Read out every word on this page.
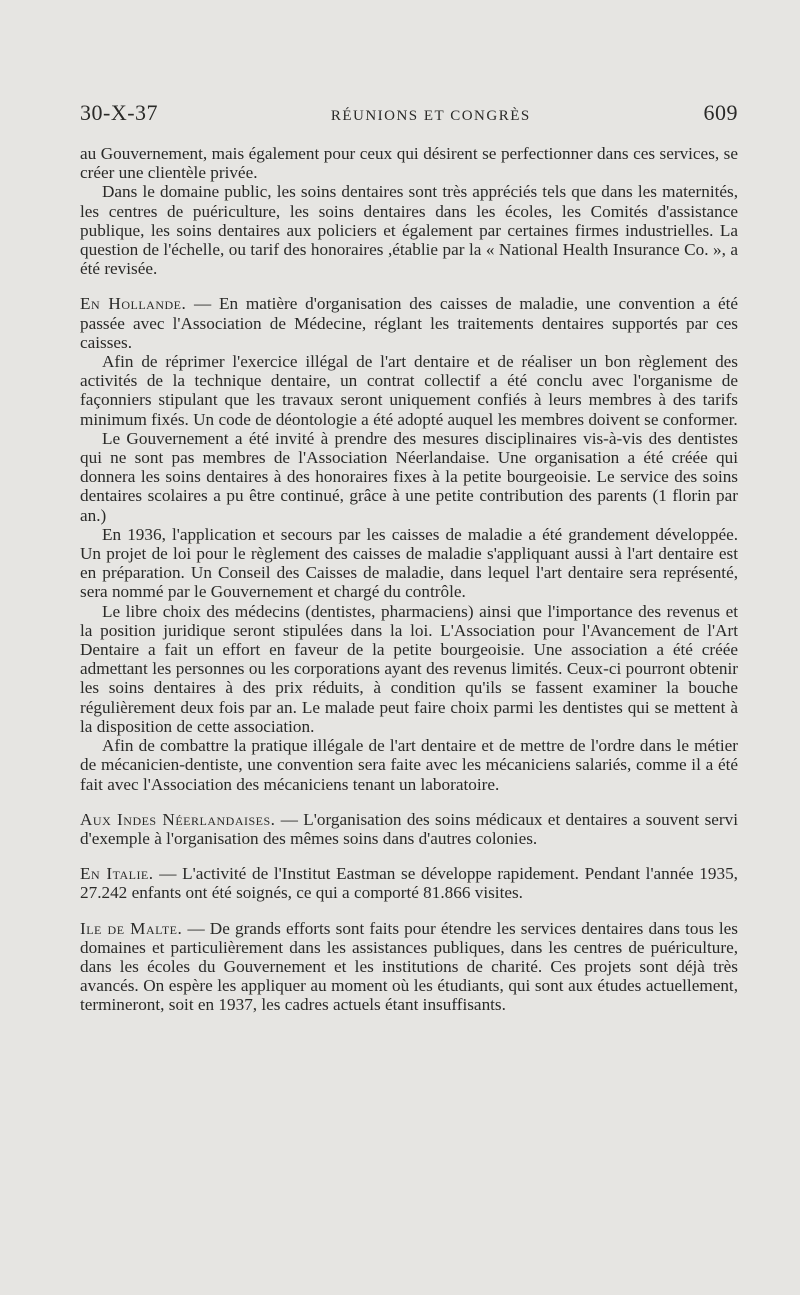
30-X-37	RÉUNIONS ET CONGRÈS	609

au Gouvernement, mais également pour ceux qui désirent se perfectionner dans ces services, se créer une clientèle privée.

Dans le domaine public, les soins dentaires sont très appréciés tels que dans les maternités, les centres de puériculture, les soins dentaires dans les écoles, les Comités d'assistance publique, les soins dentaires aux policiers et également par certaines firmes industrielles. La question de l'échelle, ou tarif des honoraires ,établie par la « National Health Insurance Co. », a été revisée.

En Hollande. — En matière d'organisation des caisses de maladie, une convention a été passée avec l'Association de Médecine, réglant les traitements dentaires supportés par ces caisses.

Afin de réprimer l'exercice illégal de l'art dentaire et de réaliser un bon règlement des activités de la technique dentaire, un contrat collectif a été conclu avec l'organisme de façonniers stipulant que les travaux seront uniquement confiés à leurs membres à des tarifs minimum fixés. Un code de déontologie a été adopté auquel les membres doivent se conformer.

Le Gouvernement a été invité à prendre des mesures disciplinaires vis-à-vis des dentistes qui ne sont pas membres de l'Association Néerlandaise. Une organisation a été créée qui donnera les soins dentaires à des honoraires fixes à la petite bourgeoisie. Le service des soins dentaires scolaires a pu être continué, grâce à une petite contribution des parents (1 florin par an.)

En 1936, l'application et secours par les caisses de maladie a été grandement développée. Un projet de loi pour le règlement des caisses de maladie s'appliquant aussi à l'art dentaire est en préparation. Un Conseil des Caisses de maladie, dans lequel l'art dentaire sera représenté, sera nommé par le Gouvernement et chargé du contrôle.

Le libre choix des médecins (dentistes, pharmaciens) ainsi que l'importance des revenus et la position juridique seront stipulées dans la loi. L'Association pour l'Avancement de l'Art Dentaire a fait un effort en faveur de la petite bourgeoisie. Une association a été créée admettant les personnes ou les corporations ayant des revenus limités. Ceux-ci pourront obtenir les soins dentaires à des prix réduits, à condition qu'ils se fassent examiner la bouche régulièrement deux fois par an. Le malade peut faire choix parmi les dentistes qui se mettent à la disposition de cette association.

Afin de combattre la pratique illégale de l'art dentaire et de mettre de l'ordre dans le métier de mécanicien-dentiste, une convention sera faite avec les mécaniciens salariés, comme il a été fait avec l'Association des mécaniciens tenant un laboratoire.

Aux Indes Néerlandaises. — L'organisation des soins médicaux et dentaires a souvent servi d'exemple à l'organisation des mêmes soins dans d'autres colonies.

En Italie. — L'activité de l'Institut Eastman se développe rapidement. Pendant l'année 1935, 27.242 enfants ont été soignés, ce qui a comporté 81.866 visites.

Ile de Malte. — De grands efforts sont faits pour étendre les services dentaires dans tous les domaines et particulièrement dans les assistances publiques, dans les centres de puériculture, dans les écoles du Gouvernement et les institutions de charité. Ces projets sont déjà très avancés. On espère les appliquer au moment où les étudiants, qui sont aux études actuellement, termineront, soit en 1937, les cadres actuels étant insuffisants.
